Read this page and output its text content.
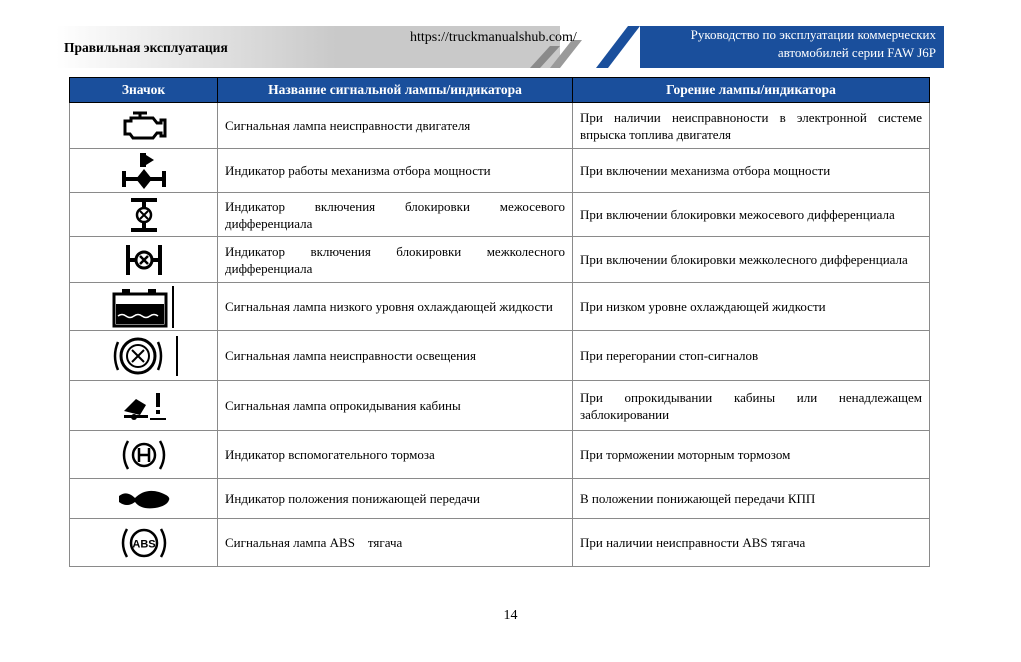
Правильная эксплуатация
https://truckmanualshub.com/	Руководство по эксплуатации коммерческих
автомобилей серии FAW J6P
Значок	Название сигнальной лампы/индикатора	Горение лампы/индикатора
	Сигнальная лампа неисправности двигателя	При наличии неисправноности в электронной системе впрыска топлива двигателя
	Индикатор работы механизма отбора мощности	При включении механизма отбора мощности
	Индикатор включения блокировки межосевого дифференциала	При включении блокировки межосевого дифференциала
	Индикатор включения блокировки межколесного дифференциала	При включении блокировки межколесного дифференциала
	Сигнальная лампа низкого уровня охлаждающей жидкости	При низком уровне охлаждающей жидкости
	Сигнальная лампа неисправности освещения	При перегорании стоп-сигналов
	Сигнальная лампа опрокидывания кабины	При опрокидывании кабины или ненадлежащем заблокировании
	Индикатор вспомогательного тормоза	При торможении моторным тормозом
	Индикатор положения понижающей передачи	В положении понижающей передачи КПП

ABS	Сигнальная лампа ABS    тягача	При наличии неисправности ABS тягача
14
